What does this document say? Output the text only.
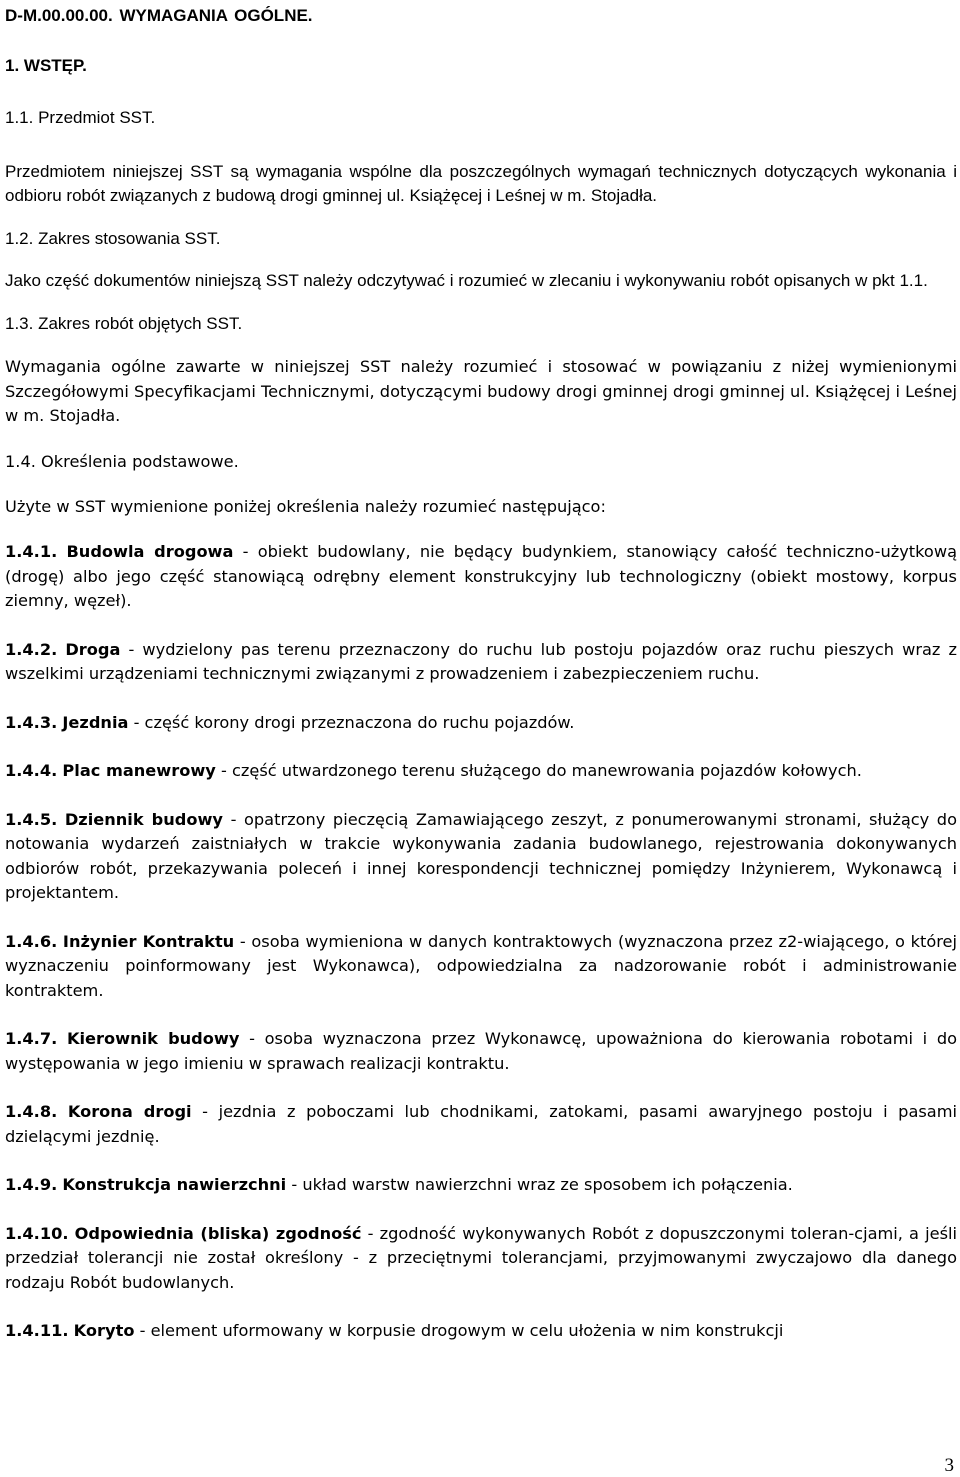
D-M.00.00.00. WYMAGANIA OGÓLNE.
1. WSTĘP.
1.1. Przedmiot SST.

Przedmiotem niniejszej SST są wymagania wspólne dla poszczególnych wymagań technicznych dotyczących wykonania i odbioru robót związanych z budową drogi gminnej ul. Książęcej i Leśnej w m. Stojadła.

1.2. Zakres stosowania SST.

Jako część dokumentów niniejszą SST należy odczytywać i rozumieć w zlecaniu i wykonywaniu robót opisanych w pkt 1.1.

1.3. Zakres robót objętych SST.

Wymagania ogólne zawarte w niniejszej SST należy rozumieć i stosować w powiązaniu z niżej wymienionymi Szczegółowymi Specyfikacjami Technicznymi, dotyczącymi budowy drogi gminnej drogi gminnej ul. Książęcej i Leśnej w m. Stojadła.

1.4. Określenia podstawowe.

Użyte w SST wymienione poniżej określenia należy rozumieć następująco:

1.4.1. Budowla drogowa - obiekt budowlany, nie będący budynkiem, stanowiący całość techniczno-użytkową (drogę) albo jego część stanowiącą odrębny element konstrukcyjny lub technologiczny (obiekt mostowy, korpus ziemny, węzeł).

1.4.2. Droga - wydzielony pas terenu przeznaczony do ruchu lub postoju pojazdów oraz ruchu pieszych wraz z wszelkimi urządzeniami technicznymi związanymi z prowadzeniem i zabezpieczeniem ruchu.

1.4.3. Jezdnia - część korony drogi przeznaczona do ruchu pojazdów.

1.4.4. Plac manewrowy - część utwardzonego terenu służącego do manewrowania pojazdów kołowych.

1.4.5. Dziennik budowy - opatrzony pieczęcią Zamawiającego zeszyt, z ponumerowanymi stronami, służący do notowania wydarzeń zaistniałych w trakcie wykonywania zadania budowlanego, rejestrowania dokonywanych odbiorów robót, przekazywania poleceń i innej korespondencji technicznej pomiędzy Inżynierem, Wykonawcą i projektantem.

1.4.6. Inżynier Kontraktu - osoba wymieniona w danych kontraktowych (wyznaczona przez z2-wiającego, o której wyznaczeniu poinformowany jest Wykonawca), odpowiedzialna za nadzorowanie robót i administrowanie kontraktem.

1.4.7. Kierownik budowy - osoba wyznaczona przez Wykonawcę, upoważniona do kierowania robotami i do występowania w jego imieniu w sprawach realizacji kontraktu.

1.4.8. Korona drogi - jezdnia z poboczami lub chodnikami, zatokami, pasami awaryjnego postoju i pasami dzielącymi jezdnię.

1.4.9. Konstrukcja nawierzchni - układ warstw nawierzchni wraz ze sposobem ich połączenia.

1.4.10. Odpowiednia (bliska) zgodność - zgodność wykonywanych Robót z dopuszczonymi toleran-cjami, a jeśli przedział tolerancji nie został określony - z przeciętnymi tolerancjami, przyjmowanymi zwyczajowo dla danego rodzaju Robót budowlanych.

1.4.11. Koryto - element uformowany w korpusie drogowym w celu ułożenia w nim konstrukcji

3
